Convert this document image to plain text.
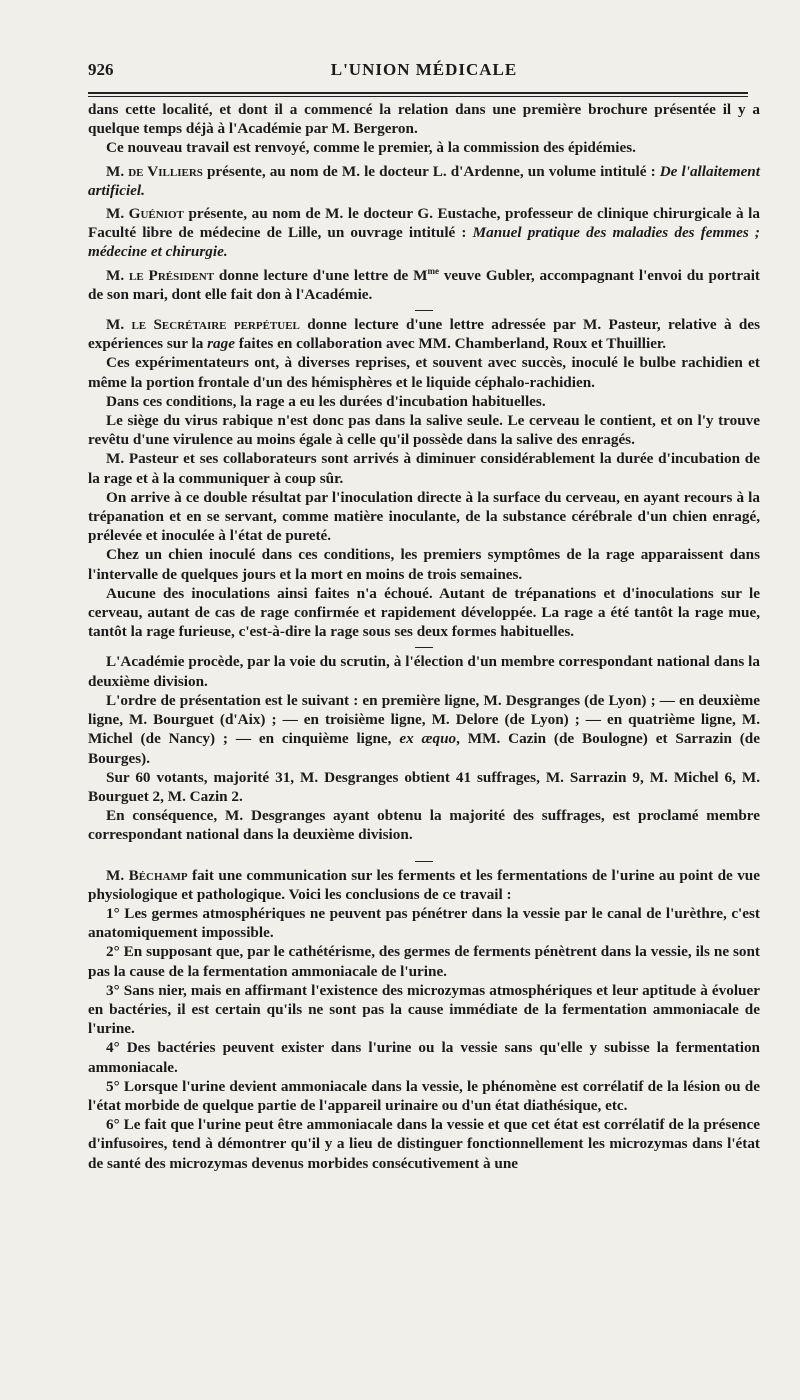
926	L'UNION MÉDICALE

dans cette localité, et dont il a commencé la relation dans une première brochure présentée il y a quelque temps déjà à l'Académie par M. Bergeron.

Ce nouveau travail est renvoyé, comme le premier, à la commission des épidémies.

M. de Villiers présente, au nom de M. le docteur L. d'Ardenne, un volume intitulé : De l'allaitement artificiel.

M. Guéniot présente, au nom de M. le docteur G. Eustache, professeur de clinique chirurgicale à la Faculté libre de médecine de Lille, un ouvrage intitulé : Manuel pratique des maladies des femmes ; médecine et chirurgie.

M. le Président donne lecture d'une lettre de $M^{me}$ veuve Gubler, accompagnant l'envoi du portrait de son mari, dont elle fait don à l'Académie.

M. le Secrétaire perpétuel donne lecture d'une lettre adressée par M. Pasteur, relative à des expériences sur la rage faites en collaboration avec MM. Chamberland, Roux et Thuillier.

Ces expérimentateurs ont, à diverses reprises, et souvent avec succès, inoculé le bulbe rachidien et même la portion frontale d'un des hémisphères et le liquide céphalo-rachidien.

Dans ces conditions, la rage a eu les durées d'incubation habituelles.

Le siège du virus rabique n'est donc pas dans la salive seule. Le cerveau le contient, et on l'y trouve revêtu d'une virulence au moins égale à celle qu'il possède dans la salive des enragés.

M. Pasteur et ses collaborateurs sont arrivés à diminuer considérablement la durée d'incubation de la rage et à la communiquer à coup sûr.

On arrive à ce double résultat par l'inoculation directe à la surface du cerveau, en ayant recours à la trépanation et en se servant, comme matière inoculante, de la substance cérébrale d'un chien enragé, prélevée et inoculée à l'état de pureté.

Chez un chien inoculé dans ces conditions, les premiers symptômes de la rage apparaissent dans l'intervalle de quelques jours et la mort en moins de trois semaines.

Aucune des inoculations ainsi faites n'a échoué. Autant de trépanations et d'inoculations sur le cerveau, autant de cas de rage confirmée et rapidement développée. La rage a été tantôt la rage mue, tantôt la rage furieuse, c'est-à-dire la rage sous ses deux formes habituelles.

L'Académie procède, par la voie du scrutin, à l'élection d'un membre correspondant national dans la deuxième division.

L'ordre de présentation est le suivant : en première ligne, M. Desgranges (de Lyon) ; — en deuxième ligne, M. Bourguet (d'Aix) ; — en troisième ligne, M. Delore (de Lyon) ; — en quatrième ligne, M. Michel (de Nancy) ; — en cinquième ligne, ex æquo, MM. Cazin (de Boulogne) et Sarrazin (de Bourges).

Sur 60 votants, majorité 31, M. Desgranges obtient 41 suffrages, M. Sarrazin 9, M. Michel 6, M. Bourguet 2, M. Cazin 2.

En conséquence, M. Desgranges ayant obtenu la majorité des suffrages, est proclamé membre correspondant national dans la deuxième division.

M. Béchamp fait une communication sur les ferments et les fermentations de l'urine au point de vue physiologique et pathologique. Voici les conclusions de ce travail :

1° Les germes atmosphériques ne peuvent pas pénétrer dans la vessie par le canal de l'urèthre, c'est anatomiquement impossible.

2° En supposant que, par le cathétérisme, des germes de ferments pénètrent dans la vessie, ils ne sont pas la cause de la fermentation ammoniacale de l'urine.

3° Sans nier, mais en affirmant l'existence des microzymas atmosphériques et leur aptitude à évoluer en bactéries, il est certain qu'ils ne sont pas la cause immédiate de la fermentation ammoniacale de l'urine.

4° Des bactéries peuvent exister dans l'urine ou la vessie sans qu'elle y subisse la fermentation ammoniacale.

5° Lorsque l'urine devient ammoniacale dans la vessie, le phénomène est corrélatif de la lésion ou de l'état morbide de quelque partie de l'appareil urinaire ou d'un état diathésique, etc.

6° Le fait que l'urine peut être ammoniacale dans la vessie et que cet état est corrélatif de la présence d'infusoires, tend à démontrer qu'il y a lieu de distinguer fonctionnellement les microzymas dans l'état de santé des microzymas devenus morbides consécutivement à une
